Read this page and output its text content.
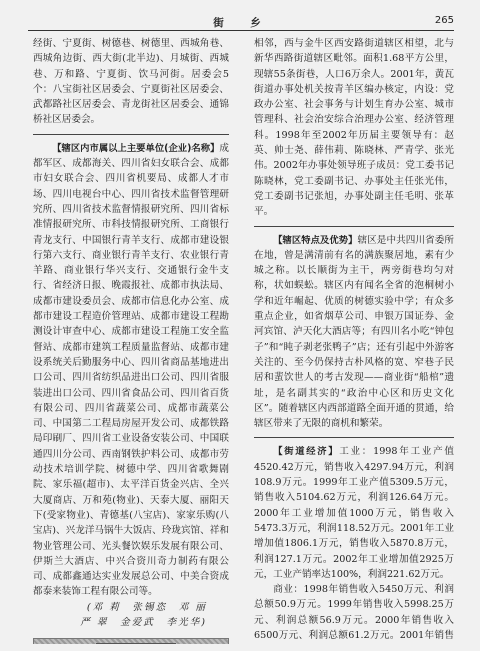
街　乡	265

经街、宁夏街、树德巷、树德里、西城角巷、西城角边街、西大街(北半边)、月城街、西城巷、万和路、宁夏街、饮马河街。居委会5个：八宝街社区居委会、宁夏街社区居委会、武都路社区居委会、青龙街社区居委会、通锦桥社区居委会。

【辖区内市属以上主要单位(企业)名称】成都军区、成都海关、四川省妇女联合会、成都市妇女联合会、四川省机要局、成都人才市场、四川电视台中心、四川省技术监督管理研究所、四川省技术监督情报研究所、四川省标准情报研究所、市科技情报研究所、工商银行青龙支行、中国银行青羊支行、成都市建设银行第六支行、商业银行青羊支行、农业银行青羊路、商业银行华兴支行、交通银行金牛支行、省经济日报、晚霞报社、成都市执法局、成都市建设委员会、成都市信息化办公室、成都市建设工程造价管理站、成都市建设工程勘测设计审查中心、成都市建设工程施工安全监督站、成都市建筑工程质量监督站、成都市建设系统关后勤服务中心、四川省商品基地进出口公司、四川省纺织品进出口公司、四川省服装进出口公司、四川省食品公司、四川省百货有限公司、四川省蔬菜公司、成都市蔬菜公司、中国第二工程局房屋开发公司、成都铁路局印刷厂、四川省工业设备安装公司、中国联通四川分公司、西南钢铁护料公司、成都市劳动技术培训学院、树德中学、四川省歌舞剧院、家乐福(超市)、太平洋百货金兴店、全兴大厦商店、万和苑(物业)、天泰大厦、丽阳天下(受家物业)、青德基(八宝店)、家家乐购(八宝店)、兴龙洋马锅牛大饭店、玲珑宾馆、祥和物业管理公司、光头餐饮娱乐发展有限公司、伊斯兰大酒店、中兴合资川奇力制药有限公司、成都鑫通达实业发展总公司、中美合资成都泰来装饰工程有限公司等。

(邓 莉　张锡恣　邓 丽

严 翠　金爱武　李光华)

相邻，西与金牛区西安路街道辖区相望，北与新华西路街道辖区毗邻。面积1.68平方公里，现辖55条街巷，人口6万余人。2001年，黄瓦街道办事处机关按青羊区编办核定，内设：党政办公室、社会事务与计划生育办公室、城市管理科、社会治安综合治理办公室、经济管理科。1998年至2002年历届主要领导有：赵英、帅士尧、薛伟莉、陈晓林、严青学、张光伟。2002年办事处领导班子成员：党工委书记陈晓林，党工委副书记、办事处主任张光伟，党工委副书记张旭，办事处副主任毛明、张革平。

【辖区特点及优势】辖区是中共四川省委所在地，曾是满清前有名的满族聚居地，素有少城之称。以长顺街为主干，两旁街巷均匀对称，状如蜈蚣。辖区内有闻名全省的泡桐树小学和近年崛起、优质的树德实验中学；有众多重点企业，如省烟草公司、申银万国证券、金河宾馆、泸天化大酒店等；有四川名小吃“钟包子”和“盹子剥老张鸭子”店；还有引起中外游客关注的、至今仍保持古朴风格的宽、窄巷子民居和蜚饮世人的考古发现——商业街“船棺”遗址，是名副其实的“政治中心区和历史文化区”。随着辖区内西部道路全面开通的贯通，给辖区带来了无限的商机和繁荣。

【街道经济】工业：1998年工业产值4520.42万元，销售收入4297.94万元，利润108.9万元。1999年工业产值5309.5万元，销售收入5104.62万元，利润126.64万元。2000年工业增加值1000万元，销售收入5473.3万元，利润118.52万元。2001年工业增加值1806.1万元，销售收入5870.8万元，利润127.1万元。2002年工业增加值2925万元，工业产销率达100%，利润221.62万元。

商业：1998年销售收入5450万元、利润总额50.9万元。1999年销售收入5998.25万元、利润总额56.9万元。2000年销售收入6500万元、利润总额61.2万元。2001年销售
